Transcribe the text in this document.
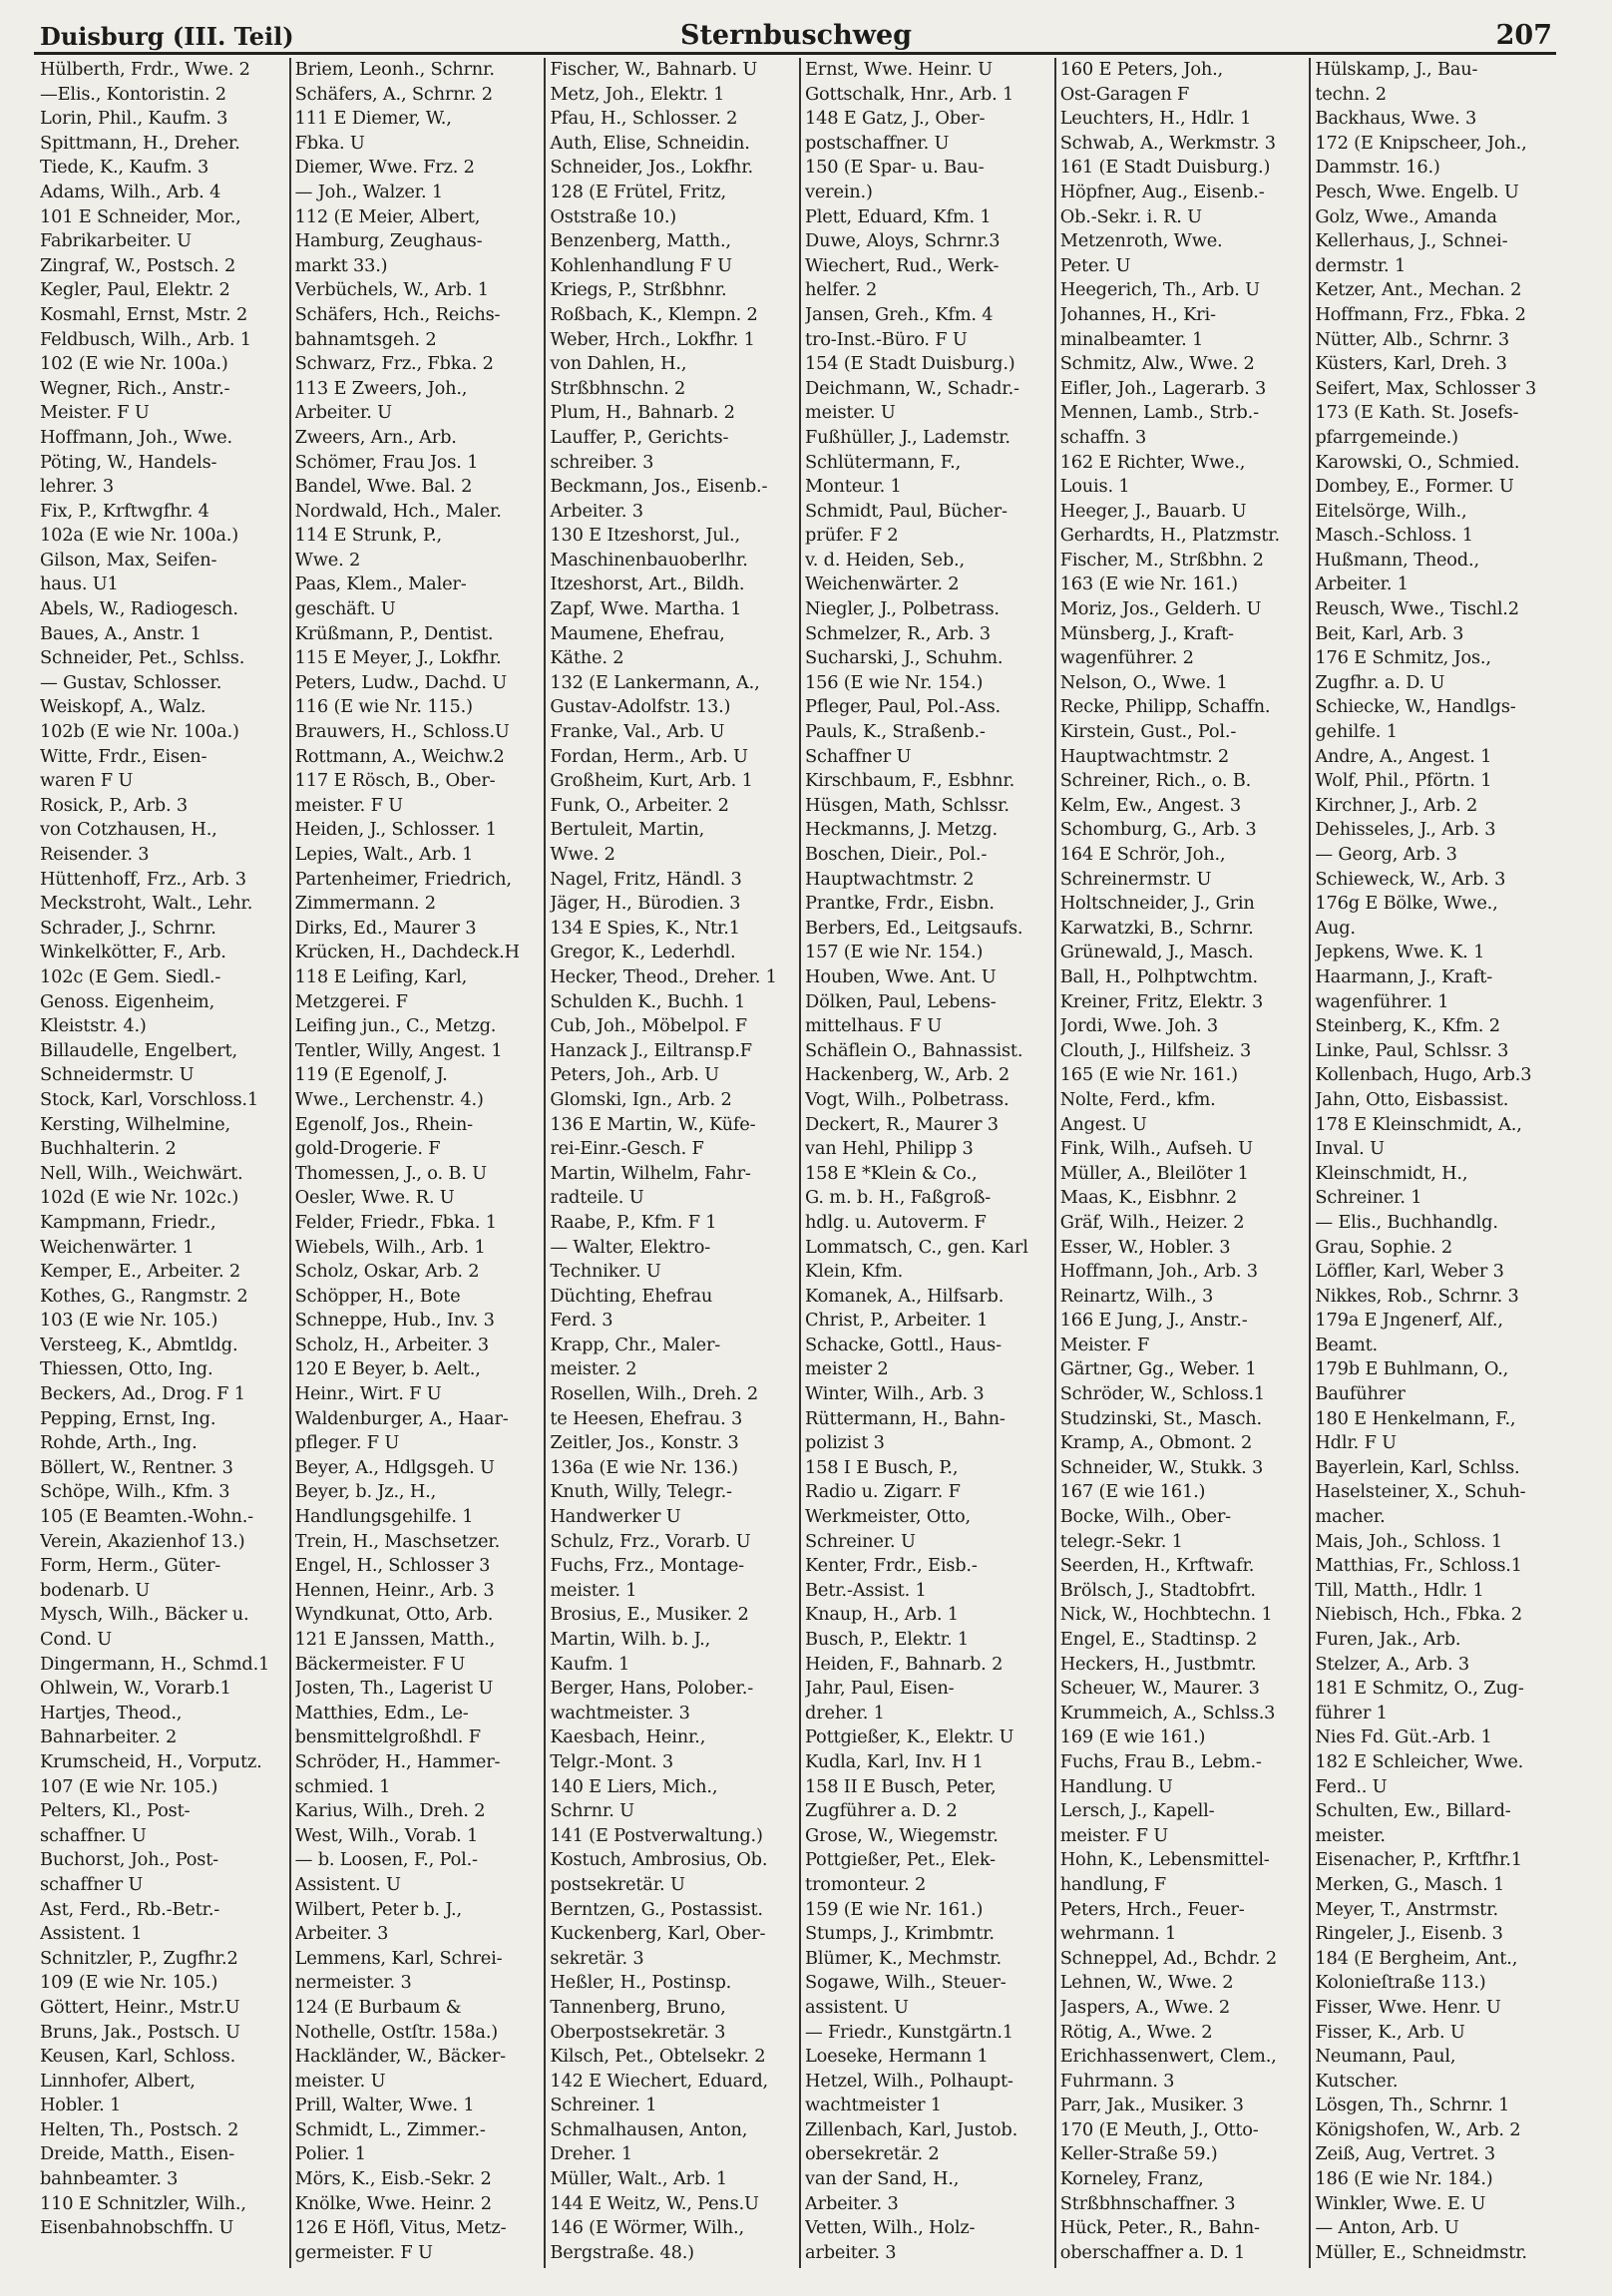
Duisburg (III. Teil)	Sternbuschweg	207
Hülberth, Frdr., Wwe. 2
—Elis., Kontoristin. 2
Lorin, Phil., Kaufm. 3
Spittmann, H., Dreher.
Tiede, K., Kaufm. 3
Adams, Wilh., Arb. 4
101 E Schneider, Mor.,
Fabrikarbeiter. U
Zingraf, W., Postsch. 2
Kegler, Paul, Elektr. 2
Kosmahl, Ernst, Mstr. 2
Feldbusch, Wilh., Arb. 1
102 (E wie Nr. 100a.)
Wegner, Rich., Anstr.-
Meister. F U
Hoffmann, Joh., Wwe.
Pöting, W., Handels-
lehrer. 3
Fix, P., Krftwgfhr. 4
102a (E wie Nr. 100a.)
Gilson, Max, Seifen-
haus. U1
Abels, W., Radiogesch.
Baues, A., Anstr. 1
Schneider, Pet., Schlss.
— Gustav, Schlosser.
Weiskopf, A., Walz.
102b (E wie Nr. 100a.)
Witte, Frdr., Eisen-
waren F U
Rosick, P., Arb. 3
von Cotzhausen, H.,
Reisender. 3
Hüttenhoff, Frz., Arb. 3
Meckstroht, Walt., Lehr.
Schrader, J., Schrnr.
Winkelkötter, F., Arb.
102c (E Gem. Siedl.-
Genoss. Eigenheim,
Kleiststr. 4.)
Billaudelle, Engelbert,
Schneidermstr. U
Stock, Karl, Vorschloss.1
Kersting, Wilhelmine,
Buchhalterin. 2
Nell, Wilh., Weichwärt.
102d (E wie Nr. 102c.)
Kampmann, Friedr.,
Weichenwärter. 1
Kemper, E., Arbeiter. 2
Kothes, G., Rangmstr. 2
103 (E wie Nr. 105.)
Versteeg, K., Abmtldg.
Thiessen, Otto, Ing.
Beckers, Ad., Drog. F 1
Pepping, Ernst, Ing.
Rohde, Arth., Ing.
Böllert, W., Rentner. 3
Schöpe, Wilh., Kfm. 3
105 (E Beamten.-Wohn.-
Verein, Akazienhof 13.)
Form, Herm., Güter-
bodenarb. U
Mysch, Wilh., Bäcker u.
Cond. U
Dingermann, H., Schmd.1
Ohlwein, W., Vorarb.1
Hartjes, Theod.,
Bahnarbeiter. 2
Krumscheid, H., Vorputz.
107 (E wie Nr. 105.)
Pelters, Kl., Post-
schaffner. U
Buchorst, Joh., Post-
schaffner U
Ast, Ferd., Rb.-Betr.-
Assistent. 1
Schnitzler, P., Zugfhr.2
109 (E wie Nr. 105.)
Göttert, Heinr., Mstr.U
Bruns, Jak., Postsch. U
Keusen, Karl, Schloss.
Linnhofer, Albert,
Hobler. 1
Helten, Th., Postsch. 2
Dreide, Matth., Eisen-
bahnbeamter. 3
110 E Schnitzler, Wilh.,
Eisenbahnobschffn. U
Briem, Leonh., Schrnr.
Schäfers, A., Schrnr. 2
111 E Diemer, W.,
Fbka. U
Diemer, Wwe. Frz. 2
— Joh., Walzer. 1
112 (E Meier, Albert,
Hamburg, Zeughaus-
markt 33.)
Verbüchels, W., Arb. 1
Schäfers, Hch., Reichs-
bahnamtsgeh. 2
Schwarz, Frz., Fbka. 2
113 E Zweers, Joh.,
Arbeiter. U
Zweers, Arn., Arb.
Schömer, Frau Jos. 1
Bandel, Wwe. Bal. 2
Nordwald, Hch., Maler.
114 E Strunk, P.,
Wwe. 2
Paas, Klem., Maler-
geschäft. U
Krüßmann, P., Dentist.
115 E Meyer, J., Lokfhr.
Peters, Ludw., Dachd. U
116 (E wie Nr. 115.)
Brauwers, H., Schloss.U
Rottmann, A., Weichw.2
117 E Rösch, B., Ober-
meister. F U
Heiden, J., Schlosser. 1
Lepies, Walt., Arb. 1
Partenheimer, Friedrich,
Zimmermann. 2
Dirks, Ed., Maurer 3
Krücken, H., Dachdeck.H
118 E Leifing, Karl,
Metzgerei. F
Leifing jun., C., Metzg.
Tentler, Willy, Angest. 1
119 (E Egenolf, J.
Wwe., Lerchenstr. 4.)
Egenolf, Jos., Rhein-
gold-Drogerie. F
Thomessen, J., o. B. U
Oesler, Wwe. R. U
Felder, Friedr., Fbka. 1
Wiebels, Wilh., Arb. 1
Scholz, Oskar, Arb. 2
Schöpper, H., Bote
Schneppe, Hub., Inv. 3
Scholz, H., Arbeiter. 3
120 E Beyer, b. Aelt.,
Heinr., Wirt. F U
Waldenburger, A., Haar-
pfleger. F U
Beyer, A., Hdlgsgeh. U
Beyer, b. Jz., H.,
Handlungsgehilfe. 1
Trein, H., Maschsetzer.
Engel, H., Schlosser 3
Hennen, Heinr., Arb. 3
Wyndkunat, Otto, Arb.
121 E Janssen, Matth.,
Bäckermeister. F U
Josten, Th., Lagerist U
Matthies, Edm., Le-
bensmittelgroßhdl. F
Schröder, H., Hammer-
schmied. 1
Karius, Wilh., Dreh. 2
West, Wilh., Vorab. 1
— b. Loosen, F., Pol.-
Assistent. U
Wilbert, Peter b. J.,
Arbeiter. 3
Lemmens, Karl, Schrei-
nermeister. 3
124 (E Burbaum &
Nothelle, Ostſtr. 158a.)
Hackländer, W., Bäcker-
meister. U
Prill, Walter, Wwe. 1
Schmidt, L., Zimmer.-
Polier. 1
Mörs, K., Eisb.-Sekr. 2
Knölke, Wwe. Heinr. 2
126 E Höfl, Vitus, Metz-
germeister. F U
Fischer, W., Bahnarb. U
Metz, Joh., Elektr. 1
Pfau, H., Schlosser. 2
Auth, Elise, Schneidin.
Schneider, Jos., Lokfhr.
128 (E Frütel, Fritz,
Oststraße 10.)
Benzenberg, Matth.,
Kohlenhandlung F U
Kriegs, P., Strßbhnr.
Roßbach, K., Klempn. 2
Weber, Hrch., Lokfhr. 1
von Dahlen, H.,
Strßbhnschn. 2
Plum, H., Bahnarb. 2
Lauffer, P., Gerichts-
schreiber. 3
Beckmann, Jos., Eisenb.-
Arbeiter. 3
130 E Itzeshorst, Jul.,
Maschinenbauoberlhr.
Itzeshorst, Art., Bildh.
Zapf, Wwe. Martha. 1
Maumene, Ehefrau,
Käthe. 2
132 (E Lankermann, A.,
Gustav-Adolfstr. 13.)
Franke, Val., Arb. U
Fordan, Herm., Arb. U
Großheim, Kurt, Arb. 1
Funk, O., Arbeiter. 2
Bertuleit, Martin,
Wwe. 2
Nagel, Fritz, Händl. 3
Jäger, H., Bürodien. 3
134 E Spies, K., Ntr.1
Gregor, K., Lederhdl.
Hecker, Theod., Dreher. 1
Schulden K., Buchh. 1
Cub, Joh., Möbelpol. F
Hanzack J., Eiltransp.F
Peters, Joh., Arb. U
Glomski, Ign., Arb. 2
136 E Martin, W., Küfe-
rei-Einr.-Gesch. F
Martin, Wilhelm, Fahr-
radteile. U
Raabe, P., Kfm. F 1
— Walter, Elektro-
Techniker. U
Düchting, Ehefrau
Ferd. 3
Krapp, Chr., Maler-
meister. 2
Rosellen, Wilh., Dreh. 2
te Heesen, Ehefrau. 3
Zeitler, Jos., Konstr. 3
136a (E wie Nr. 136.)
Knuth, Willy, Telegr.-
Handwerker U
Schulz, Frz., Vorarb. U
Fuchs, Frz., Montage-
meister. 1
Brosius, E., Musiker. 2
Martin, Wilh. b. J.,
Kaufm. 1
Berger, Hans, Polober.-
wachtmeister. 3
Kaesbach, Heinr.,
Telgr.-Mont. 3
140 E Liers, Mich.,
Schrnr. U
141 (E Postverwaltung.)
Kostuch, Ambrosius, Ob.
postsekretär. U
Berntzen, G., Postassist.
Kuckenberg, Karl, Ober-
sekretär. 3
Heßler, H., Postinsp.
Tannenberg, Bruno,
Oberpostsekretär. 3
Kilsch, Pet., Obtelsekr. 2
142 E Wiechert, Eduard,
Schreiner. 1
Schmalhausen, Anton,
Dreher. 1
Müller, Walt., Arb. 1
144 E Weitz, W., Pens.U
146 (E Wörmer, Wilh.,
Bergstraße. 48.)
Ernst, Wwe. Heinr. U
Gottschalk, Hnr., Arb. 1
148 E Gatz, J., Ober-
postschaffner. U
150 (E Spar- u. Bau-
verein.)
Plett, Eduard, Kfm. 1
Duwe, Aloys, Schrnr.3
Wiechert, Rud., Werk-
helfer. 2
Jansen, Greh., Kfm. 4
tro-Inst.-Büro. F U
154 (E Stadt Duisburg.)
Deichmann, W., Schadr.-
meister. U
Fußhüller, J., Lademstr.
Schlütermann, F.,
Monteur. 1
Schmidt, Paul, Bücher-
prüfer. F 2
v. d. Heiden, Seb.,
Weichenwärter. 2
Niegler, J., Polbetrass.
Schmelzer, R., Arb. 3
Sucharski, J., Schuhm.
156 (E wie Nr. 154.)
Pfleger, Paul, Pol.-Ass.
Pauls, K., Straßenb.-
Schaffner U
Kirschbaum, F., Esbhnr.
Hüsgen, Math, Schlssr.
Heckmanns, J. Metzg.
Boschen, Dieir., Pol.-
Hauptwachtmstr. 2
Prantke, Frdr., Eisbn.
Berbers, Ed., Leitgsaufs.
157 (E wie Nr. 154.)
Houben, Wwe. Ant. U
Dölken, Paul, Lebens-
mittelhaus. F U
Schäflein O., Bahnassist.
Hackenberg, W., Arb. 2
Vogt, Wilh., Polbetrass.
Deckert, R., Maurer 3
van Hehl, Philipp 3
158 E *Klein & Co.,
G. m. b. H., Faßgroß-
hdlg. u. Autoverm. F
Lommatsch, C., gen. Karl
Klein, Kfm.
Komanek, A., Hilfsarb.
Christ, P., Arbeiter. 1
Schacke, Gottl., Haus-
meister 2
Winter, Wilh., Arb. 3
Rüttermann, H., Bahn-
polizist 3
158 I E Busch, P.,
Radio u. Zigarr. F
Werkmeister, Otto,
Schreiner. U
Kenter, Frdr., Eisb.-
Betr.-Assist. 1
Knaup, H., Arb. 1
Busch, P., Elektr. 1
Heiden, F., Bahnarb. 2
Jahr, Paul, Eisen-
dreher. 1
Pottgießer, K., Elektr. U
Kudla, Karl, Inv. H 1
158 II E Busch, Peter,
Zugführer a. D. 2
Grose, W., Wiegemstr.
Pottgießer, Pet., Elek-
tromonteur. 2
159 (E wie Nr. 161.)
Stumps, J., Krimbmtr.
Blümer, K., Mechmstr.
Sogawe, Wilh., Steuer-
assistent. U
— Friedr., Kunstgärtn.1
Loeseke, Hermann 1
Hetzel, Wilh., Polhaupt-
wachtmeister 1
Zillenbach, Karl, Justob.
obersekretär. 2
van der Sand, H.,
Arbeiter. 3
Vetten, Wilh., Holz-
arbeiter. 3
160 E Peters, Joh.,
Ost-Garagen F
Leuchters, H., Hdlr. 1
Schwab, A., Werkmstr. 3
161 (E Stadt Duisburg.)
Höpfner, Aug., Eisenb.-
Ob.-Sekr. i. R. U
Metzenroth, Wwe.
Peter. U
Heegerich, Th., Arb. U
Johannes, H., Kri-
minalbeamter. 1
Schmitz, Alw., Wwe. 2
Eifler, Joh., Lagerarb. 3
Mennen, Lamb., Strb.-
schaffn. 3
162 E Richter, Wwe.,
Louis. 1
Heeger, J., Bauarb. U
Gerhardts, H., Platzmstr.
Fischer, M., Strßbhn. 2
163 (E wie Nr. 161.)
Moriz, Jos., Gelderh. U
Münsberg, J., Kraft-
wagenführer. 2
Nelson, O., Wwe. 1
Recke, Philipp, Schaffn.
Kirstein, Gust., Pol.-
Hauptwachtmstr. 2
Schreiner, Rich., o. B.
Kelm, Ew., Angest. 3
Schomburg, G., Arb. 3
164 E Schrör, Joh.,
Schreinermstr. U
Holtschneider, J., Grin
Karwatzki, B., Schrnr.
Grünewald, J., Masch.
Ball, H., Polhptwchtm.
Kreiner, Fritz, Elektr. 3
Jordi, Wwe. Joh. 3
Clouth, J., Hilfsheiz. 3
165 (E wie Nr. 161.)
Nolte, Ferd., kfm.
Angest. U
Fink, Wilh., Aufseh. U
Müller, A., Bleilöter 1
Maas, K., Eisbhnr. 2
Gräf, Wilh., Heizer. 2
Esser, W., Hobler. 3
Hoffmann, Joh., Arb. 3
Reinartz, Wilh., 3
166 E Jung, J., Anstr.-
Meister. F
Gärtner, Gg., Weber. 1
Schröder, W., Schloss.1
Studzinski, St., Masch.
Kramp, A., Obmont. 2
Schneider, W., Stukk. 3
167 (E wie 161.)
Bocke, Wilh., Ober-
telegr.-Sekr. 1
Seerden, H., Krftwafr.
Brölsch, J., Stadtobfrt.
Nick, W., Hochbtechn. 1
Engel, E., Stadtinsp. 2
Heckers, H., Justbmtr.
Scheuer, W., Maurer. 3
Krummeich, A., Schlss.3
169 (E wie 161.)
Fuchs, Frau B., Lebm.-
Handlung. U
Lersch, J., Kapell-
meister. F U
Hohn, K., Lebensmittel-
handlung, F
Peters, Hrch., Feuer-
wehrmann. 1
Schneppel, Ad., Bchdr. 2
Lehnen, W., Wwe. 2
Jaspers, A., Wwe. 2
Rötig, A., Wwe. 2
Erichhassenwert, Clem.,
Fuhrmann. 3
Parr, Jak., Musiker. 3
170 (E Meuth, J., Otto-
Keller-Straße 59.)
Korneley, Franz,
Strßbhnschaffner. 3
Hück, Peter., R., Bahn-
oberschaffner a. D. 1
Hülskamp, J., Bau-
techn. 2
Backhaus, Wwe. 3
172 (E Knipscheer, Joh.,
Dammstr. 16.)
Pesch, Wwe. Engelb. U
Golz, Wwe., Amanda
Kellerhaus, J., Schnei-
dermstr. 1
Ketzer, Ant., Mechan. 2
Hoffmann, Frz., Fbka. 2
Nütter, Alb., Schrnr. 3
Küsters, Karl, Dreh. 3
Seifert, Max, Schlosser 3
173 (E Kath. St. Josefs-
pfarrgemeinde.)
Karowski, O., Schmied.
Dombey, E., Former. U
Eitelsörge, Wilh.,
Masch.-Schloss. 1
Hußmann, Theod.,
Arbeiter. 1
Reusch, Wwe., Tischl.2
Beit, Karl, Arb. 3
176 E Schmitz, Jos.,
Zugfhr. a. D. U
Schiecke, W., Handlgs-
gehilfe. 1
Andre, A., Angest. 1
Wolf, Phil., Pförtn. 1
Kirchner, J., Arb. 2
Dehisseles, J., Arb. 3
— Georg, Arb. 3
Schieweck, W., Arb. 3
176g E Bölke, Wwe.,
Aug.
Jepkens, Wwe. K. 1
Haarmann, J., Kraft-
wagenführer. 1
Steinberg, K., Kfm. 2
Linke, Paul, Schlssr. 3
Kollenbach, Hugo, Arb.3
Jahn, Otto, Eisbassist.
178 E Kleinschmidt, A.,
Inval. U
Kleinschmidt, H.,
Schreiner. 1
— Elis., Buchhandlg.
Grau, Sophie. 2
Löffler, Karl, Weber 3
Nikkes, Rob., Schrnr. 3
179a E Jngenerf, Alf.,
Beamt.
179b E Buhlmann, O.,
Bauführer
180 E Henkelmann, F.,
Hdlr. F U
Bayerlein, Karl, Schlss.
Haselsteiner, X., Schuh-
macher.
Mais, Joh., Schloss. 1
Matthias, Fr., Schloss.1
Till, Matth., Hdlr. 1
Niebisch, Hch., Fbka. 2
Furen, Jak., Arb.
Stelzer, A., Arb. 3
181 E Schmitz, O., Zug-
führer 1
Nies Fd. Güt.-Arb. 1
182 E Schleicher, Wwe.
Ferd.. U
Schulten, Ew., Billard-
meister.
Eisenacher, P., Krftfhr.1
Merken, G., Masch. 1
Meyer, T., Anstrmstr.
Ringeler, J., Eisenb. 3
184 (E Bergheim, Ant.,
Kolonieſtraße 113.)
Fisser, Wwe. Henr. U
Fisser, K., Arb. U
Neumann, Paul,
Kutscher.
Lösgen, Th., Schrnr. 1
Königshofen, W., Arb. 2
Zeiß, Aug, Vertret. 3
186 (E wie Nr. 184.)
Winkler, Wwe. E. U
— Anton, Arb. U
Müller, E., Schneidmstr.
